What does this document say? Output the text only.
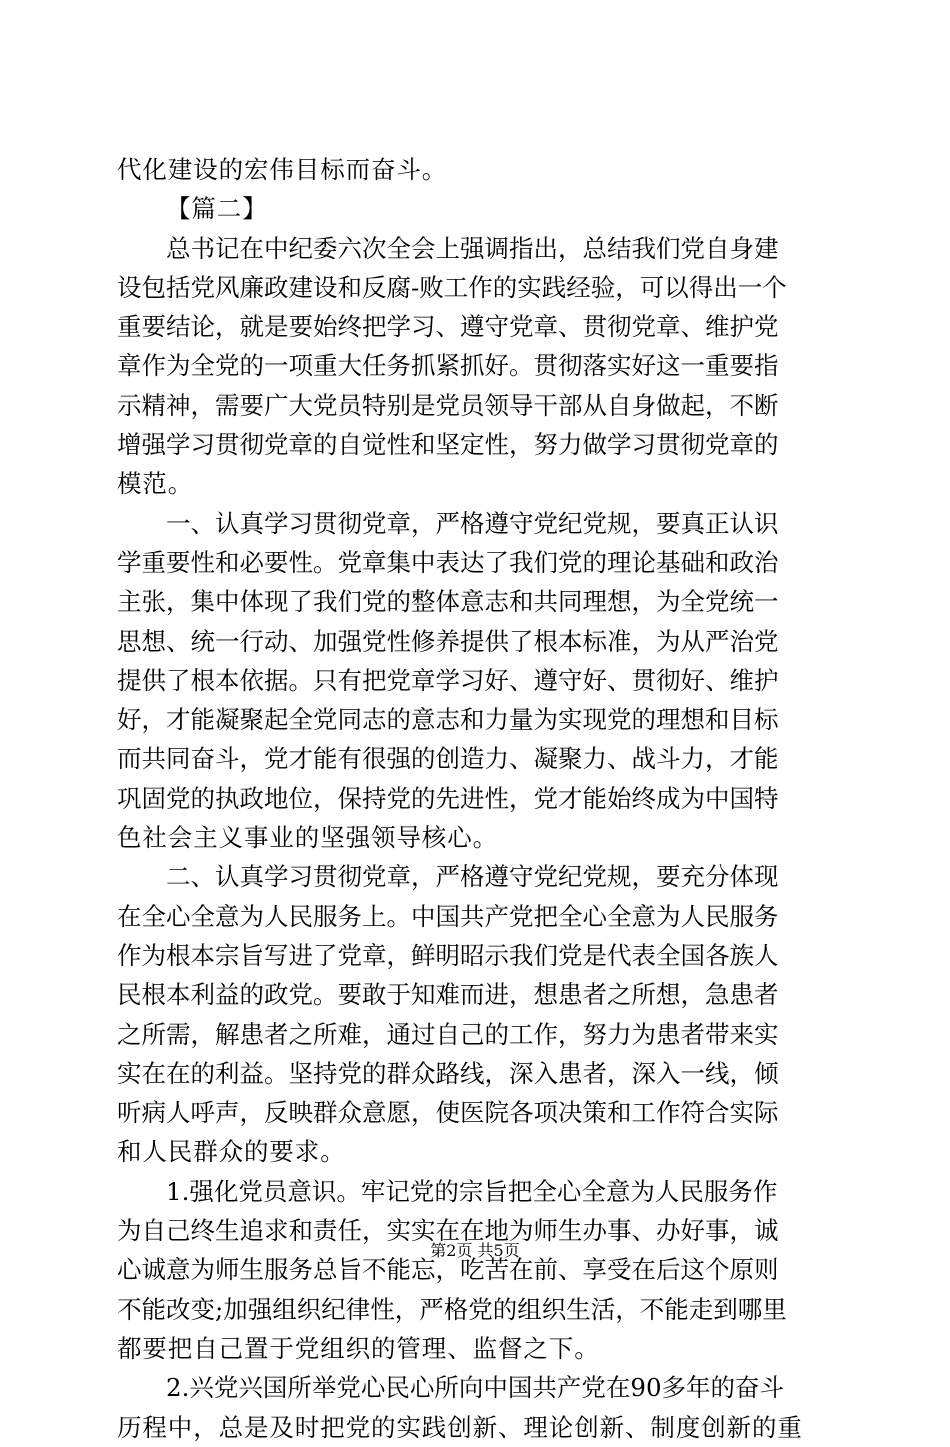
代化建设的宏伟目标而奋斗。
【篇二】
总书记在中纪委六次全会上强调指出，总结我们党自身建
设包括党风廉政建设和反腐-败工作的实践经验，可以得出一个
重要结论，就是要始终把学习、遵守党章、贯彻党章、维护党
章作为全党的一项重大任务抓紧抓好。贯彻落实好这一重要指
示精神，需要广大党员特别是党员领导干部从自身做起，不断
增强学习贯彻党章的自觉性和坚定性，努力做学习贯彻党章的
模范。
一、认真学习贯彻党章，严格遵守党纪党规，要真正认识
学重要性和必要性。党章集中表达了我们党的理论基础和政治
主张，集中体现了我们党的整体意志和共同理想，为全党统一
思想、统一行动、加强党性修养提供了根本标准，为从严治党
提供了根本依据。只有把党章学习好、遵守好、贯彻好、维护
好，才能凝聚起全党同志的意志和力量为实现党的理想和目标
而共同奋斗，党才能有很强的创造力、凝聚力、战斗力，才能
巩固党的执政地位，保持党的先进性，党才能始终成为中国特
色社会主义事业的坚强领导核心。
二、认真学习贯彻党章，严格遵守党纪党规，要充分体现
在全心全意为人民服务上。中国共产党把全心全意为人民服务
作为根本宗旨写进了党章，鲜明昭示我们党是代表全国各族人
民根本利益的政党。要敢于知难而进，想患者之所想，急患者
之所需，解患者之所难，通过自己的工作，努力为患者带来实
实在在的利益。坚持党的群众路线，深入患者，深入一线，倾
听病人呼声，反映群众意愿，使医院各项决策和工作符合实际
和人民群众的要求。
1.强化党员意识。牢记党的宗旨把全心全意为人民服务作
为自己终生追求和责任，实实在在地为师生办事、办好事，诚
心诚意为师生服务总旨不能忘，吃苦在前、享受在后这个原则
不能改变;加强组织纪律性，严格党的组织生活，不能走到哪里
都要把自己置于党组织的管理、监督之下。
2.兴党兴国所举党心民心所向中国共产党在90多年的奋斗
历程中，总是及时把党的实践创新、理论创新、制度创新的重
第2页 共5页
